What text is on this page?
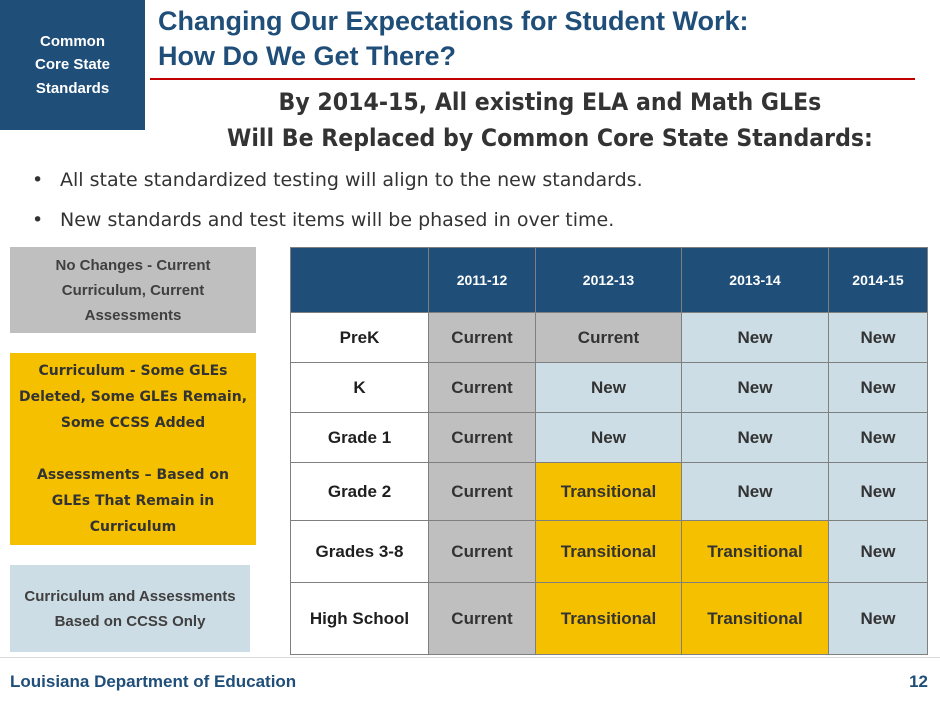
Common
Core State
Standards
Changing Our Expectations for Student Work:
How Do We Get There?
By 2014-15, All existing ELA and Math GLEs
Will Be Replaced by Common Core State Standards:
• All state standardized testing will align to the new standards.
• New standards and test items will be phased in over time.
No Changes - Current Curriculum, Current Assessments
Curriculum - Some GLEs Deleted, Some GLEs Remain, Some CCSS Added
Assessments – Based on GLEs That Remain in Curriculum
Curriculum and Assessments Based on CCSS Only
	2011-12	2012-13	2013-14	2014-15
PreK	Current	Current	New	New
K	Current	New	New	New
Grade 1	Current	New	New	New
Grade 2	Current	Transitional	New	New
Grades 3-8	Current	Transitional	Transitional	New
High School	Current	Transitional	Transitional	New
Louisiana Department of Education	12
